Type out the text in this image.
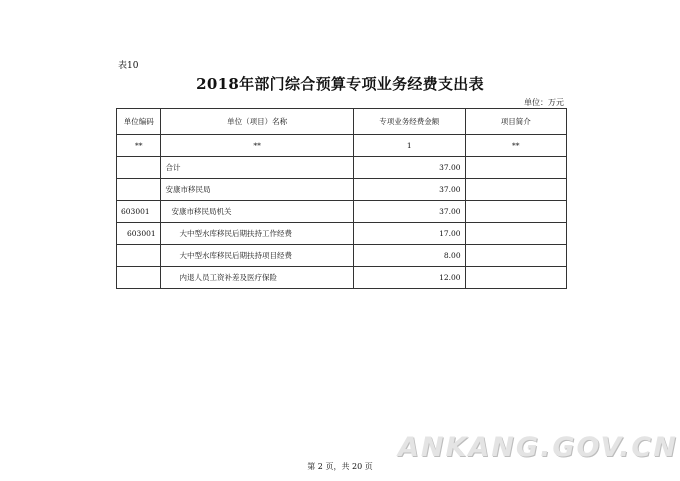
表10
2018年部门综合预算专项业务经费支出表
单位：万元
单位编码	单位（项目）名称	专项业务经费金额	项目简介
**	**	1	**
	合计	37.00	
	安康市移民局	37.00	
603001	安康市移民局机关	37.00	
603001	大中型水库移民后期扶持工作经费	17.00	
	大中型水库移民后期扶持项目经费	8.00	
	内退人员工资补差及医疗保险	12.00	
ANKANG.GOV.CN
第 2 页，共 20 页
